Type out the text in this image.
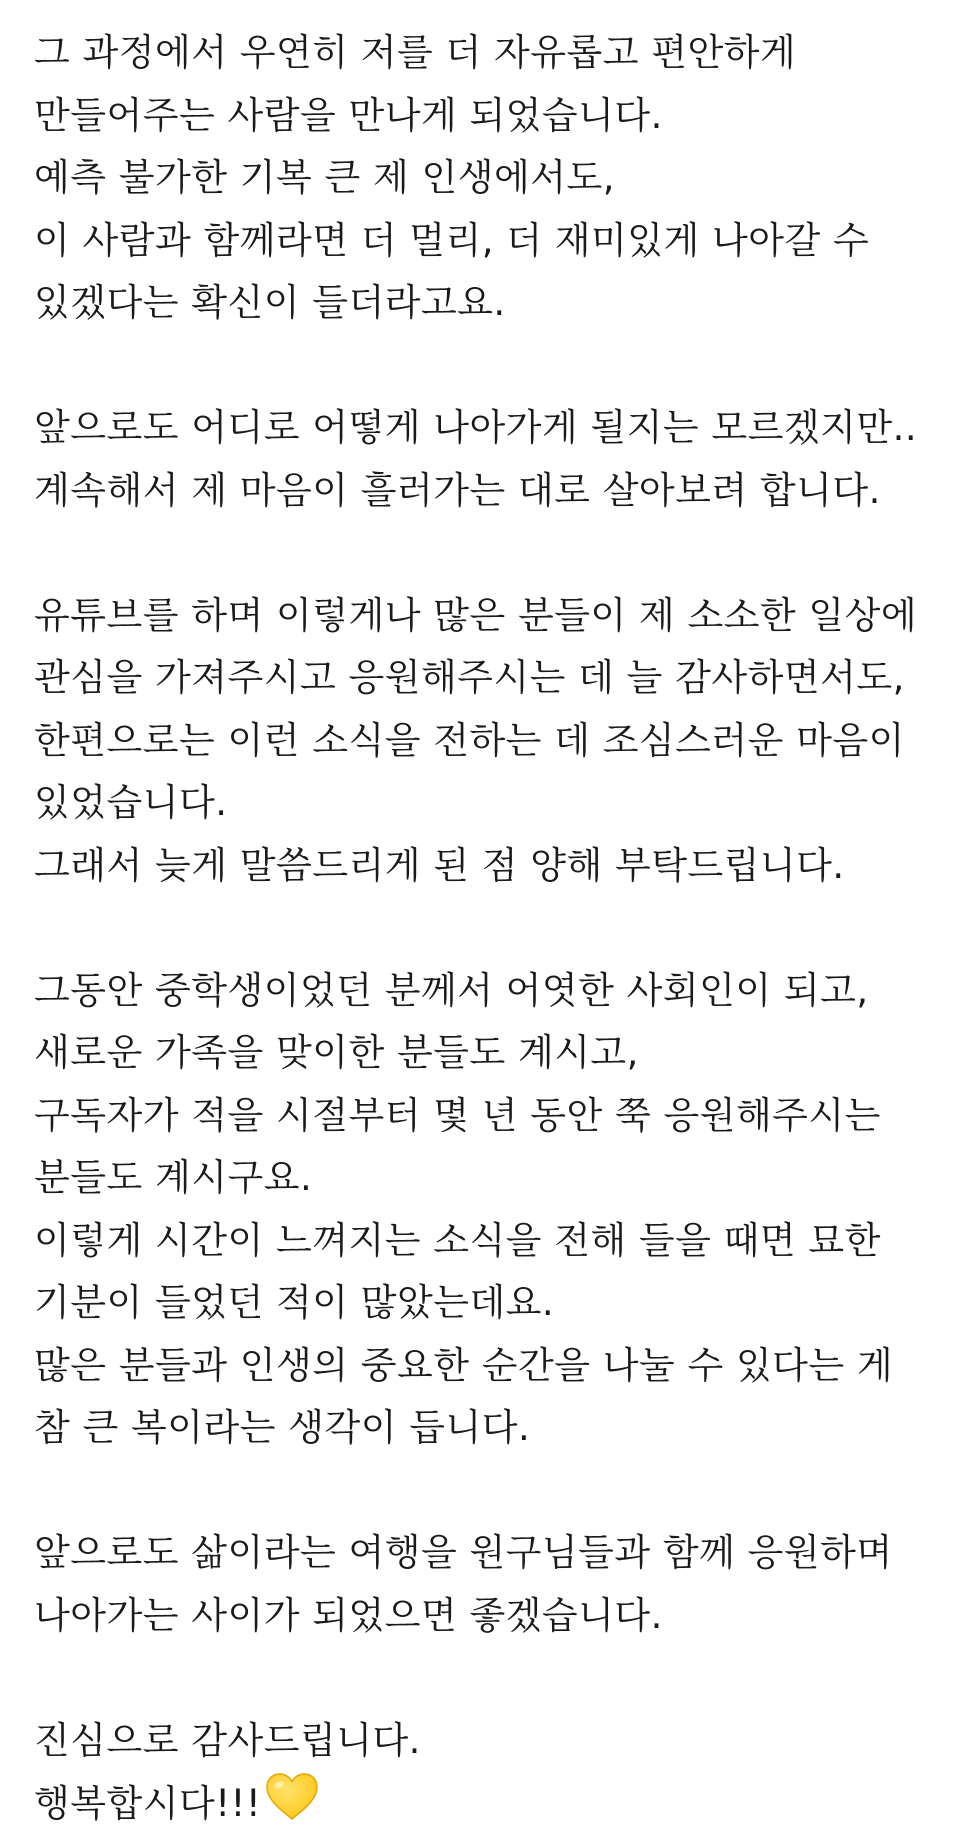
그 과정에서 우연히 저를 더 자유롭고 편안하게
만들어주는 사람을 만나게 되었습니다.
예측 불가한 기복 큰 제 인생에서도,
이 사람과 함께라면 더 멀리, 더 재미있게 나아갈 수
있겠다는 확신이 들더라고요.
앞으로도 어디로 어떻게 나아가게 될지는 모르겠지만..
계속해서 제 마음이 흘러가는 대로 살아보려 합니다.
유튜브를 하며 이렇게나 많은 분들이 제 소소한 일상에
관심을 가져주시고 응원해주시는 데 늘 감사하면서도,
한편으로는 이런 소식을 전하는 데 조심스러운 마음이
있었습니다.
그래서 늦게 말씀드리게 된 점 양해 부탁드립니다.
그동안 중학생이었던 분께서 어엿한 사회인이 되고,
새로운 가족을 맞이한 분들도 계시고,
구독자가 적을 시절부터 몇 년 동안 쭉 응원해주시는
분들도 계시구요.
이렇게 시간이 느껴지는 소식을 전해 들을 때면 묘한
기분이 들었던 적이 많았는데요.
많은 분들과 인생의 중요한 순간을 나눌 수 있다는 게
참 큰 복이라는 생각이 듭니다.
앞으로도 삶이라는 여행을 원구님들과 함께 응원하며
나아가는 사이가 되었으면 좋겠습니다.
진심으로 감사드립니다.
행복합시다!!!
